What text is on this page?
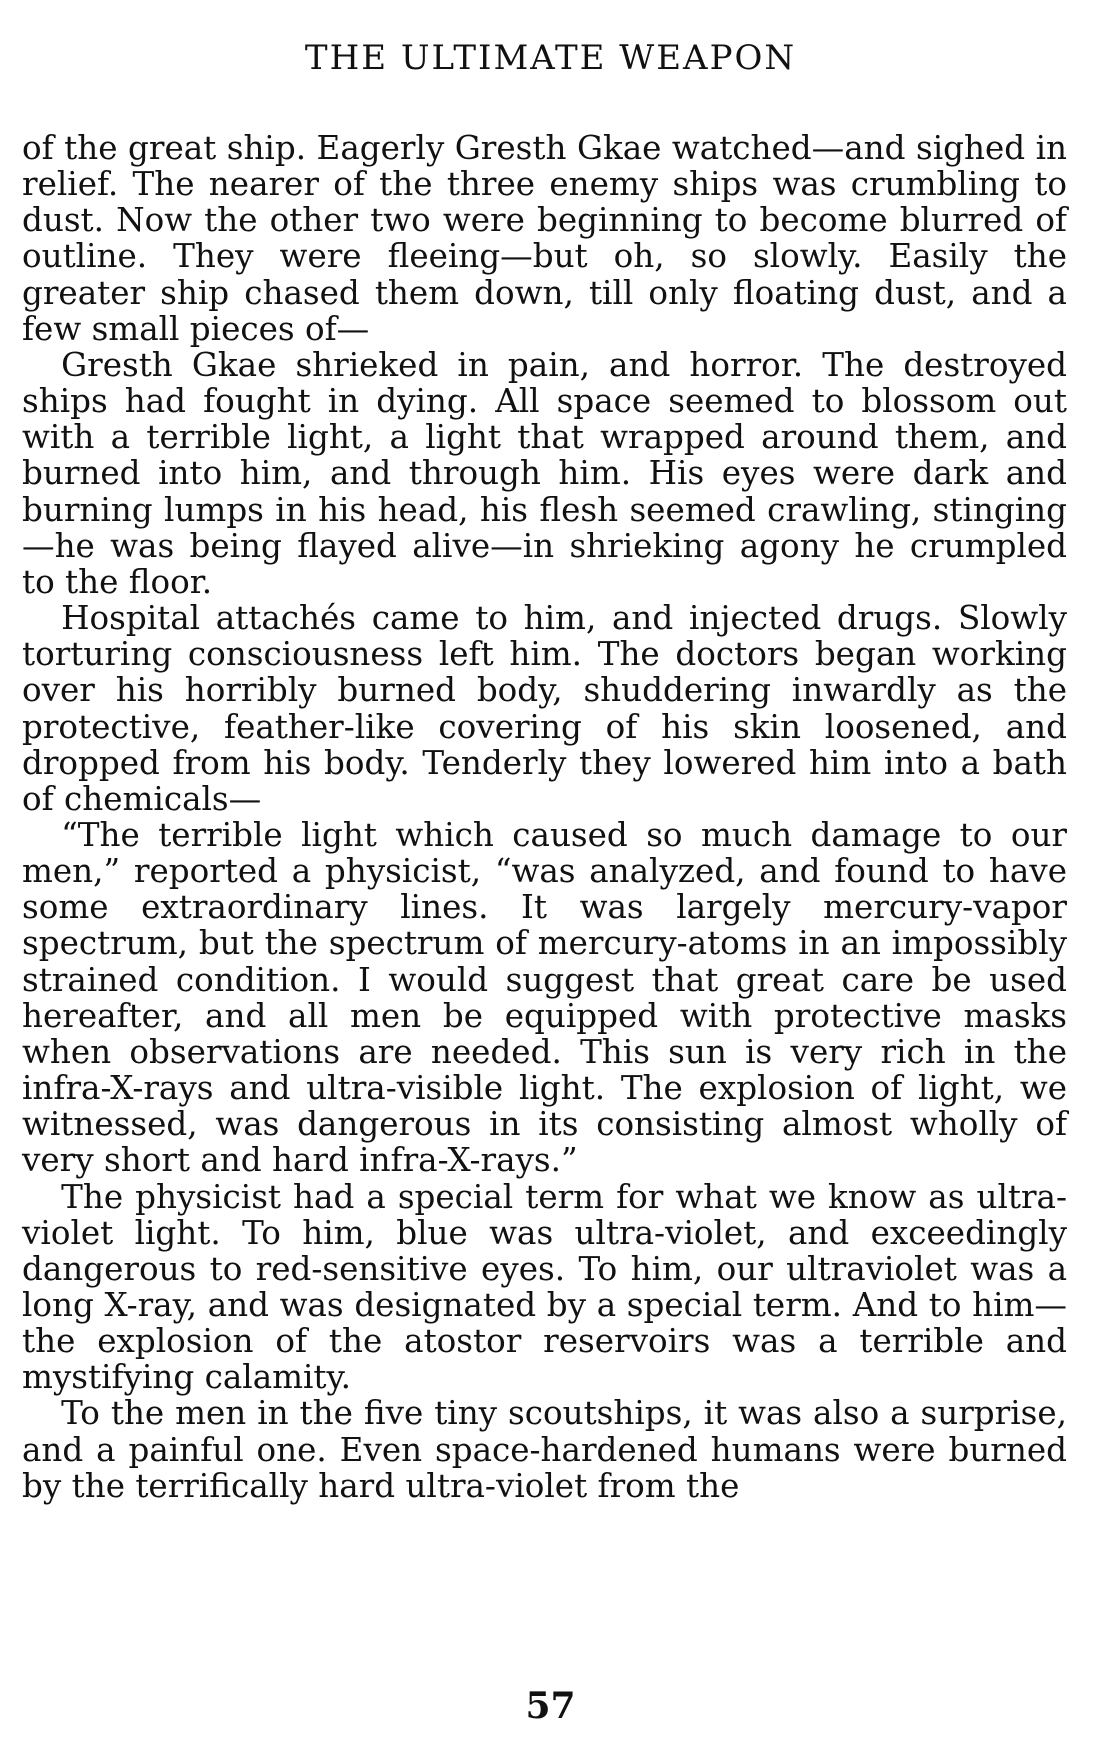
THE ULTIMATE WEAPON

of the great ship. Eagerly Gresth Gkae watched—and sighed in relief. The nearer of the three enemy ships was crumbling to dust. Now the other two were beginning to become blurred of outline. They were fleeing—but oh, so slowly. Easily the greater ship chased them down, till only floating dust, and a few small pieces of—

Gresth Gkae shrieked in pain, and horror. The destroyed ships had fought in dying. All space seemed to blossom out with a terrible light, a light that wrapped around them, and burned into him, and through him. His eyes were dark and burning lumps in his head, his flesh seemed crawling, stinging—he was being flayed alive—in shrieking agony he crumpled to the floor.

Hospital attachés came to him, and injected drugs. Slowly torturing consciousness left him. The doctors began working over his horribly burned body, shuddering inwardly as the protective, feather-like covering of his skin loosened, and dropped from his body. Tenderly they lowered him into a bath of chemicals—

“The terrible light which caused so much damage to our men,” reported a physicist, “was analyzed, and found to have some extraordinary lines. It was largely mercury-vapor spectrum, but the spectrum of mercury-atoms in an impossibly strained condition. I would suggest that great care be used hereafter, and all men be equipped with protective masks when observations are needed. This sun is very rich in the infra-X-rays and ultra-visible light. The explosion of light, we witnessed, was dangerous in its consisting almost wholly of very short and hard infra-X-rays.”

The physicist had a special term for what we know as ultra-violet light. To him, blue was ultra-violet, and exceedingly dangerous to red-sensitive eyes. To him, our ultraviolet was a long X-ray, and was designated by a special term. And to him—the explosion of the atostor reservoirs was a terrible and mystifying calamity.

To the men in the five tiny scoutships, it was also a surprise, and a painful one. Even space-hardened humans were burned by the terrifically hard ultra-violet from the

57
